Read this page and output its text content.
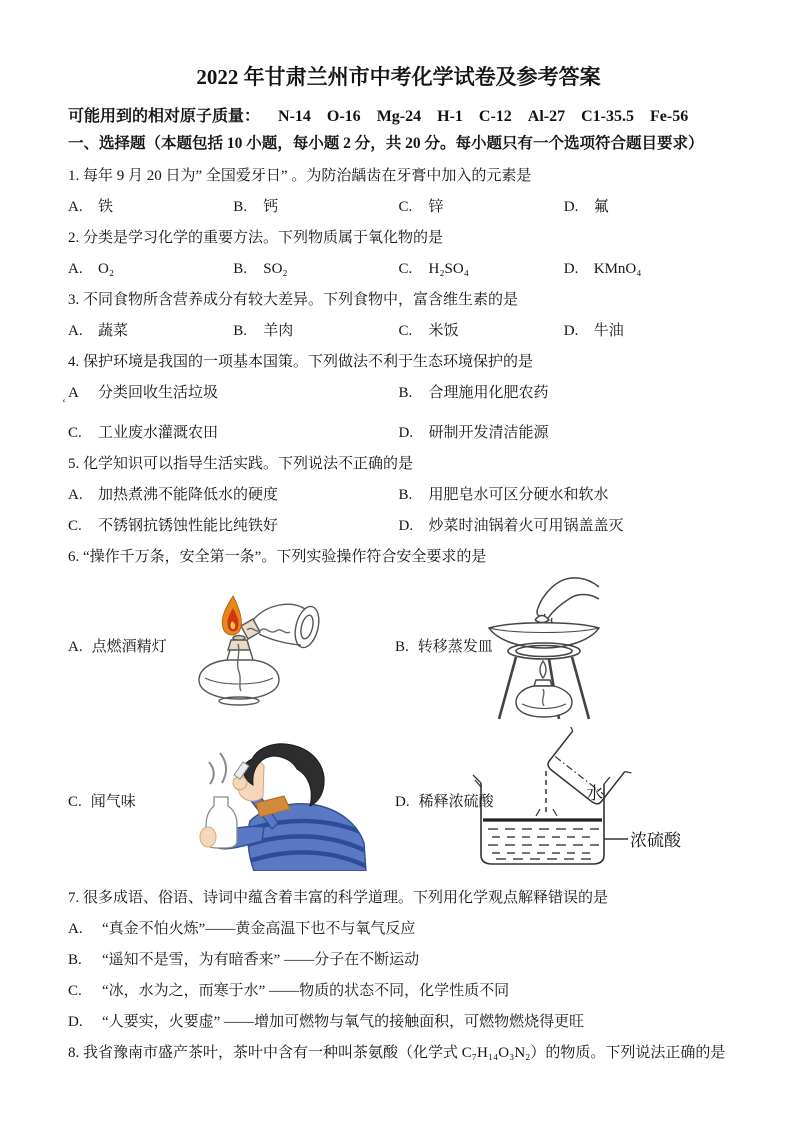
2022 年甘肃兰州市中考化学试卷及参考答案
可能用到的相对原子质量： N-14 O-16 Mg-24 H-1 C-12 Al-27 C1-35.5 Fe-56
一、选择题（本题包括 10 小题，每小题 2 分，共 20 分。每小题只有一个选项符合题目要求）
1. 每年 9 月 20 日为” 全国爱牙日” 。为防治龋齿在牙膏中加入的元素是
A.	铁	B.	钙	C.	锌	D.	氟
2. 分类是学习化学的重要方法。下列物质属于氧化物的是
A.	O₂	B.	SO₂	C.	H₂SO₄	D.	KMnO₄
3. 不同食物所含营养成分有较大差异。下列食物中，富含维生素的是
A.	蔬菜	B.	羊肉	C.	米饭	D.	牛油
4. 保护环境是我国的一项基本国策。下列做法不利于生态环境保护的是
A	分类回收生活垃圾	B.	合理施用化肥农药
C.	工业废水灌溉农田	D.	研制开发清洁能源
‘
5. 化学知识可以指导生活实践。下列说法不正确的是
A.	加热煮沸不能降低水的硬度	B.	用肥皂水可区分硬水和软水
C.	不锈钢抗锈蚀性能比纯铁好	D.	炒菜时油锅着火可用锅盖盖灭
6. “操作千万条，安全第一条”。下列实验操作符合安全要求的是
A. 点燃酒精灯	B. 转移蒸发皿
C. 闻气味	D. 稀释浓硫酸	水
浓硫酸
7. 很多成语、俗语、诗词中蕴含着丰富的科学道理。下列用化学观点解释错误的是
A.	“真金不怕火炼”——黄金高温下也不与氧气反应
B.	“遥知不是雪，为有暗香来” ——分子在不断运动
C.	“冰，水为之，而寒于水” ——物质的状态不同，化学性质不同
D.	“人要实，火要虚” ——增加可燃物与氧气的接触面积，可燃物燃烧得更旺
8. 我省豫南市盛产茶叶，茶叶中含有一种叫茶氨酸（化学式 C₇H₁₄O₃N₂）的物质。下列说法正确的是
